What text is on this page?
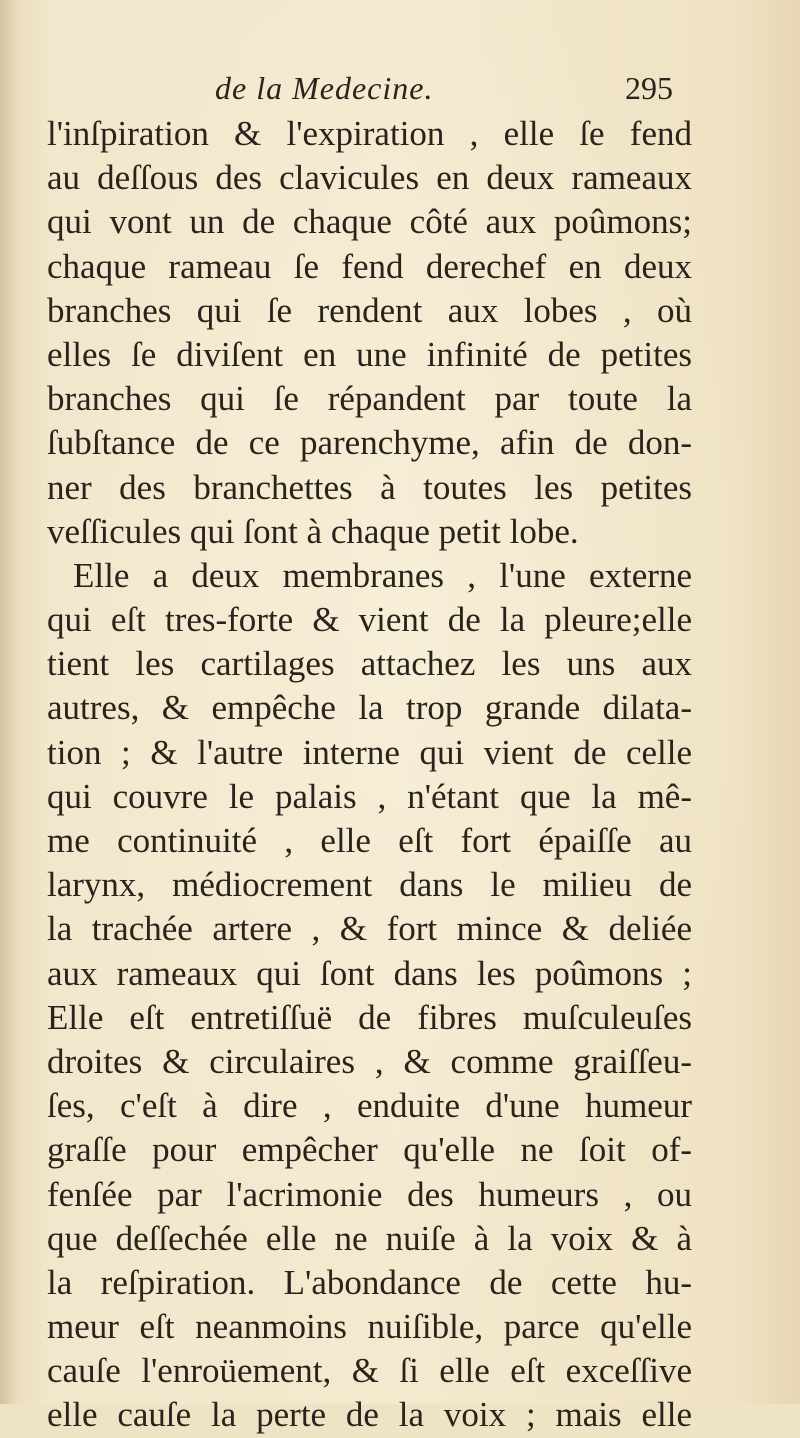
de la Medecine.	295
l'inſpiration & l'expiration , elle ſe fend
au deſſous des clavicules en deux rameaux
qui vont un de chaque côté aux poûmons;
chaque rameau ſe fend derechef en deux
branches qui ſe rendent aux lobes , où
elles ſe diviſent en une infinité de petites
branches qui ſe répandent par toute la
ſubſtance de ce parenchyme, afin de don-
ner des branchettes à toutes les petites
veſſicules qui ſont à chaque petit lobe.
Elle a deux membranes , l'une externe
qui eſt tres-forte & vient de la pleure;elle
tient les cartilages attachez les uns aux
autres, & empêche la trop grande dilata-
tion ; & l'autre interne qui vient de celle
qui couvre le palais , n'étant que la mê-
me continuité , elle eſt fort épaiſſe au
larynx, médiocrement dans le milieu de
la trachée artere , & fort mince & deliée
aux rameaux qui ſont dans les poûmons ;
Elle eſt entretiſſuë de fibres muſculeuſes
droites & circulaires , & comme graiſſeu-
ſes, c'eſt à dire , enduite d'une humeur
graſſe pour empêcher qu'elle ne ſoit of-
fenſée par l'acrimonie des humeurs , ou
que deſſechée elle ne nuiſe à la voix & à
la reſpiration. L'abondance de cette hu-
meur eſt neanmoins nuiſible, parce qu'elle
cauſe l'enroüement, & ſi elle eſt exceſſive
elle cauſe la perte de la voix ; mais elle
